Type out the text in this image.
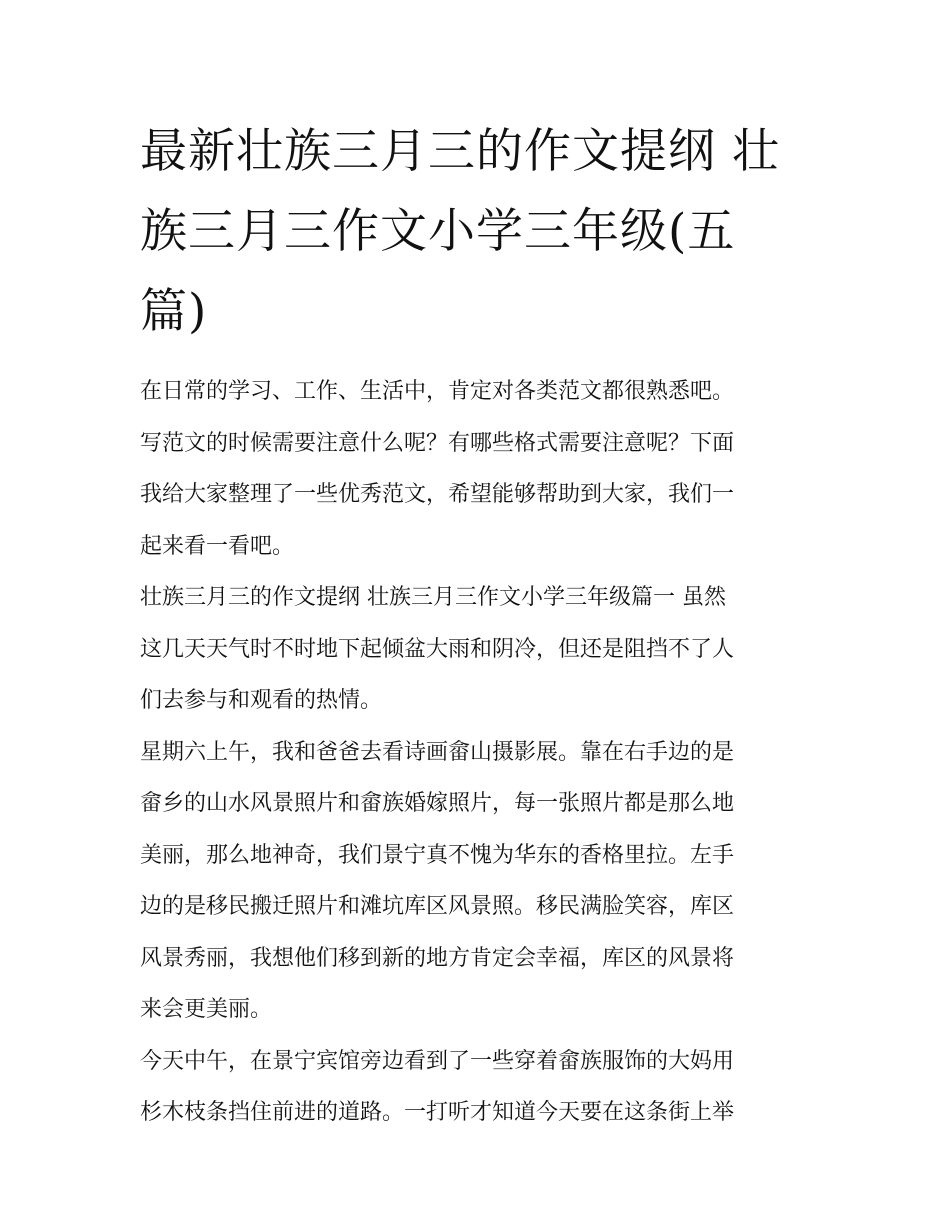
最新壮族三月三的作文提纲 壮
族三月三作文小学三年级(五
篇)

在日常的学习、工作、生活中，肯定对各类范文都很熟悉吧。
写范文的时候需要注意什么呢？有哪些格式需要注意呢？下面
我给大家整理了一些优秀范文，希望能够帮助到大家，我们一
起来看一看吧。

壮族三月三的作文提纲 壮族三月三作文小学三年级篇一 虽然
这几天天气时不时地下起倾盆大雨和阴冷，但还是阻挡不了人
们去参与和观看的热情。

星期六上午，我和爸爸去看诗画畲山摄影展。靠在右手边的是
畲乡的山水风景照片和畲族婚嫁照片，每一张照片都是那么地
美丽，那么地神奇，我们景宁真不愧为华东的香格里拉。左手
边的是移民搬迁照片和滩坑库区风景照。移民满脸笑容，库区
风景秀丽，我想他们移到新的地方肯定会幸福，库区的风景将
来会更美丽。

今天中午，在景宁宾馆旁边看到了一些穿着畲族服饰的大妈用
杉木枝条挡住前进的道路。一打听才知道今天要在这条街上举
